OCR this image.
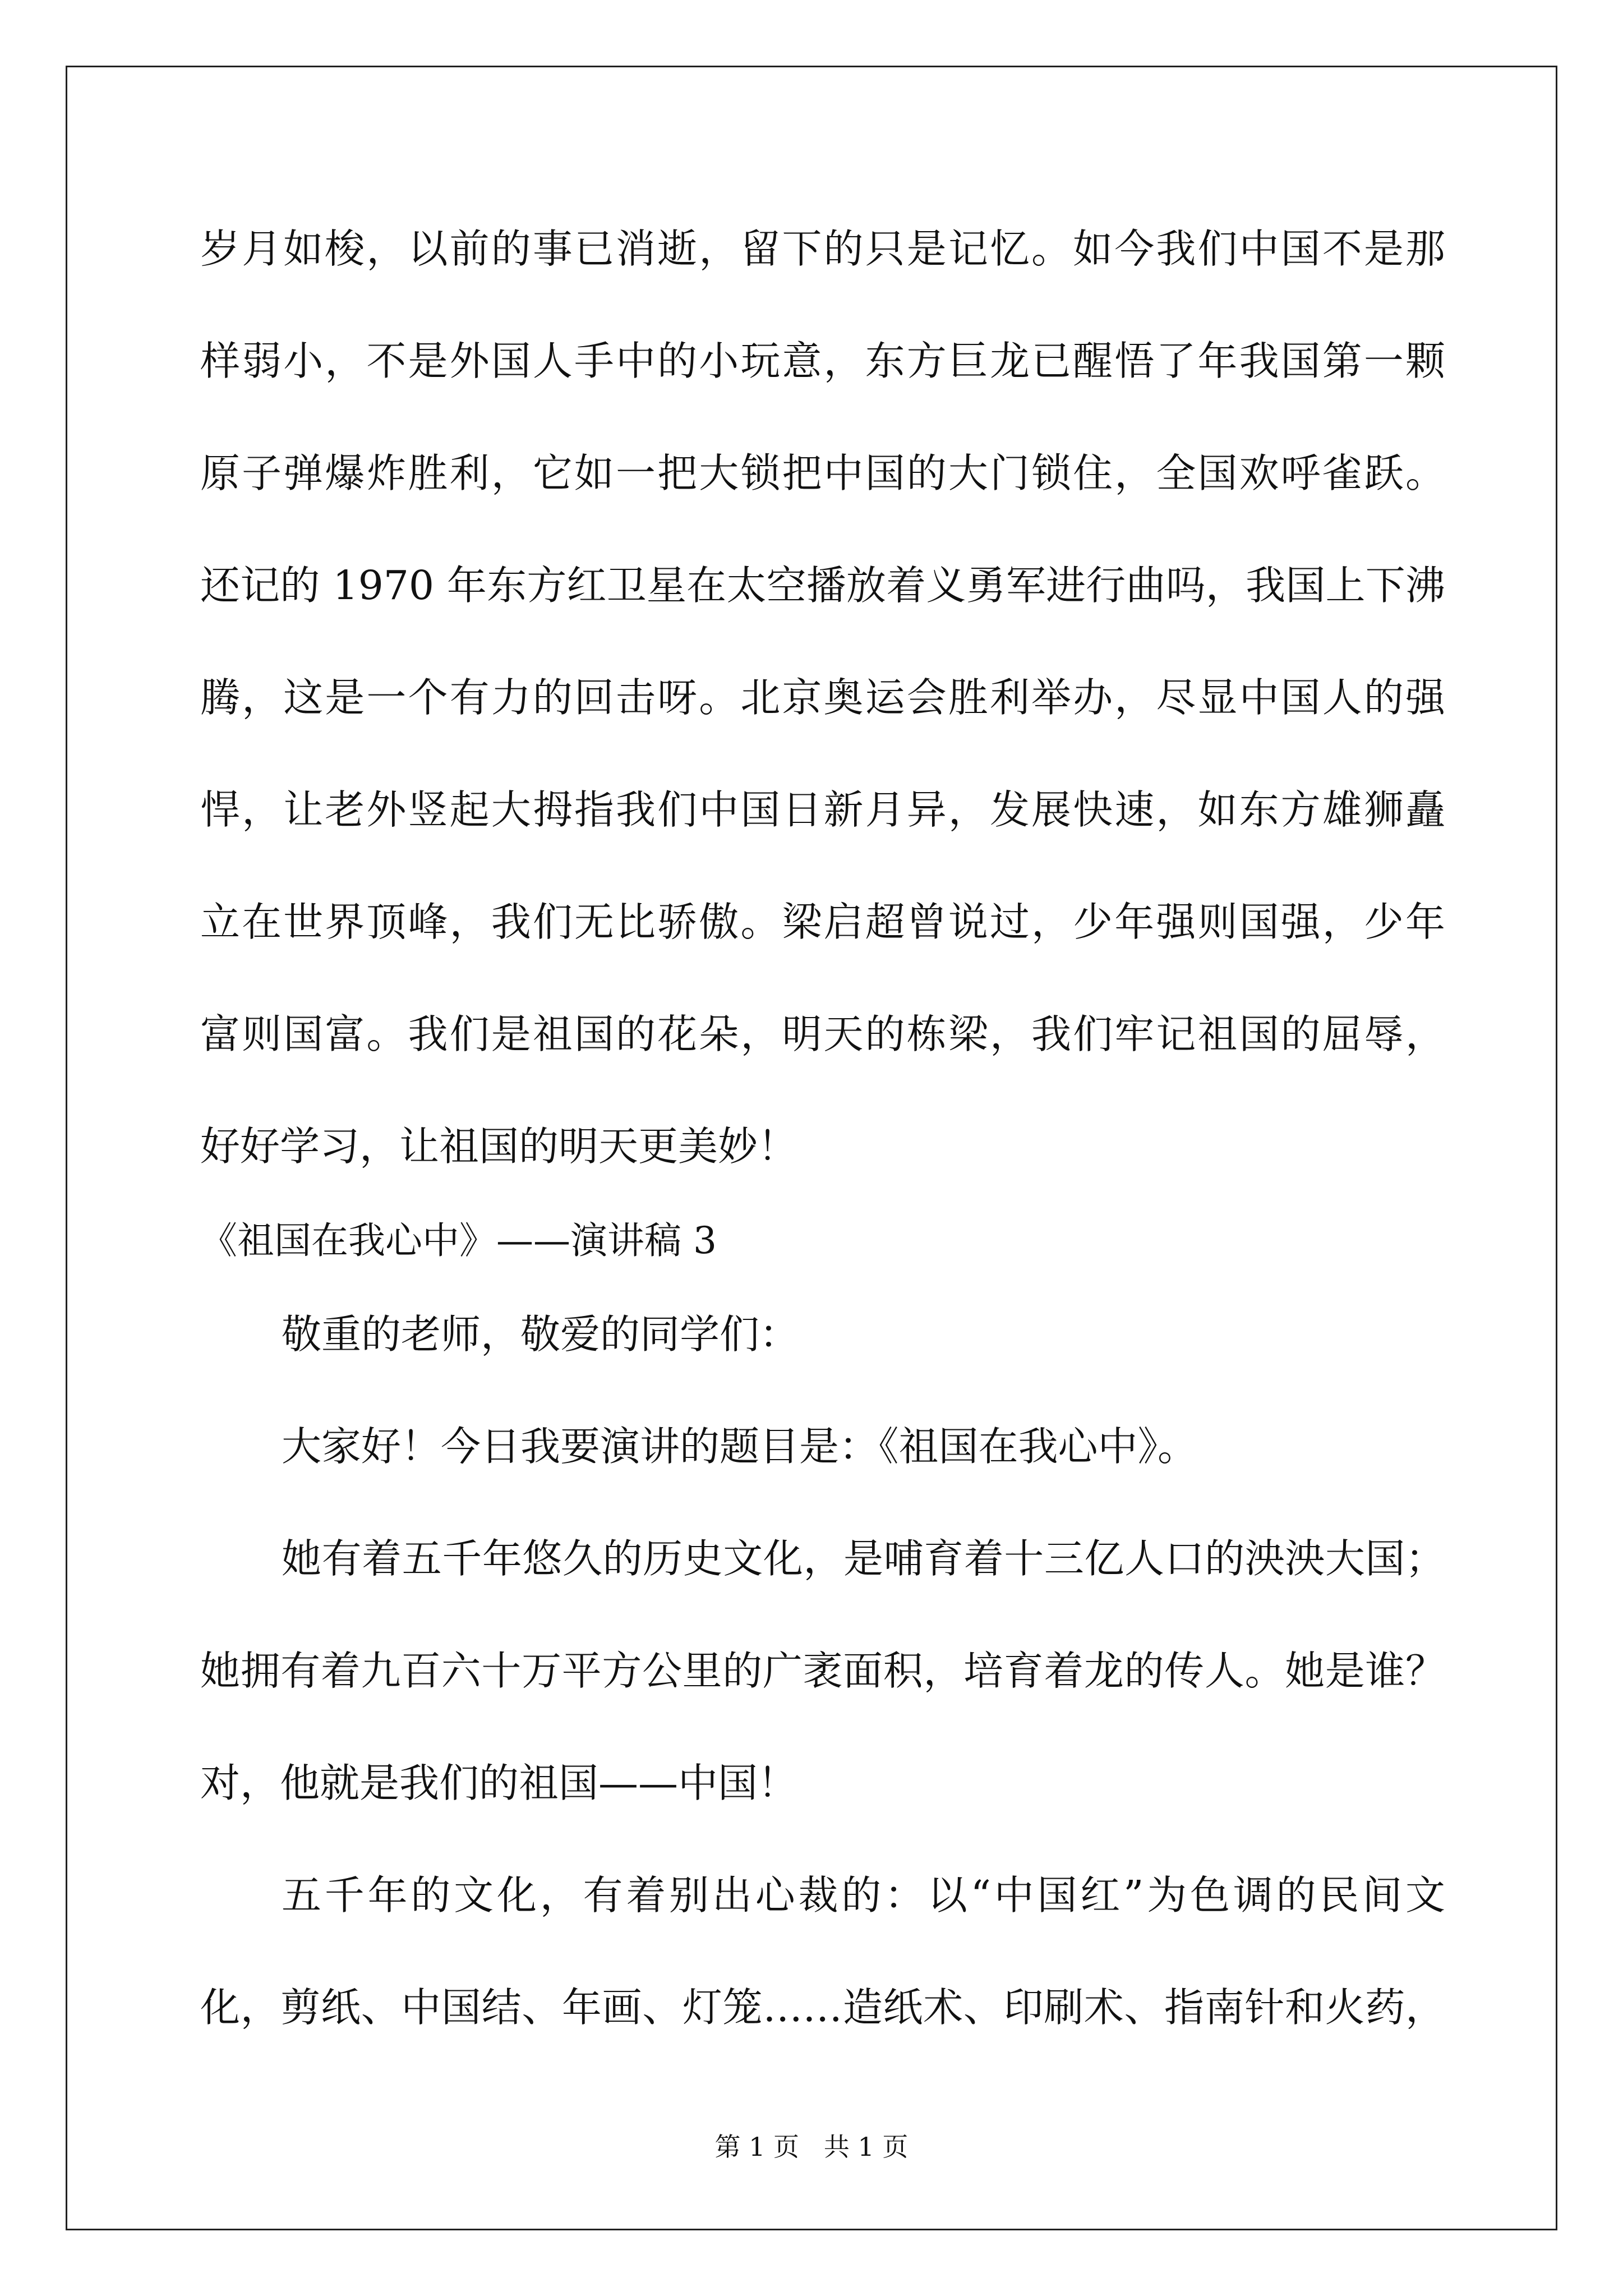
岁月如梭，以前的事已消逝，留下的只是记忆。如今我们中国不是那
样弱小，不是外国人手中的小玩意，东方巨龙已醒悟了年我国第一颗
原子弹爆炸胜利，它如一把大锁把中国的大门锁住，全国欢呼雀跃。
还记的 1970 年东方红卫星在太空播放着义勇军进行曲吗，我国上下沸
腾，这是一个有力的回击呀。北京奥运会胜利举办，尽显中国人的强
悍，让老外竖起大拇指我们中国日新月异，发展快速，如东方雄狮矗
立在世界顶峰，我们无比骄傲。梁启超曾说过，少年强则国强，少年
富则国富。我们是祖国的花朵，明天的栋梁，我们牢记祖国的屈辱，
好好学习，让祖国的明天更美妙！
《祖国在我心中》——演讲稿 3
敬重的老师，敬爱的同学们：
大家好！今日我要演讲的题目是：《祖国在我心中》。
她有着五千年悠久的历史文化，是哺育着十三亿人口的泱泱大国；
她拥有着九百六十万平方公里的广袤面积，培育着龙的传人。她是谁？
对，他就是我们的祖国——中国！
五千年的文化，有着别出心裁的：以“中国红”为色调的民间文
化，剪纸、中国结、年画、灯笼……造纸术、印刷术、指南针和火药，
第 1 页   共 1 页
